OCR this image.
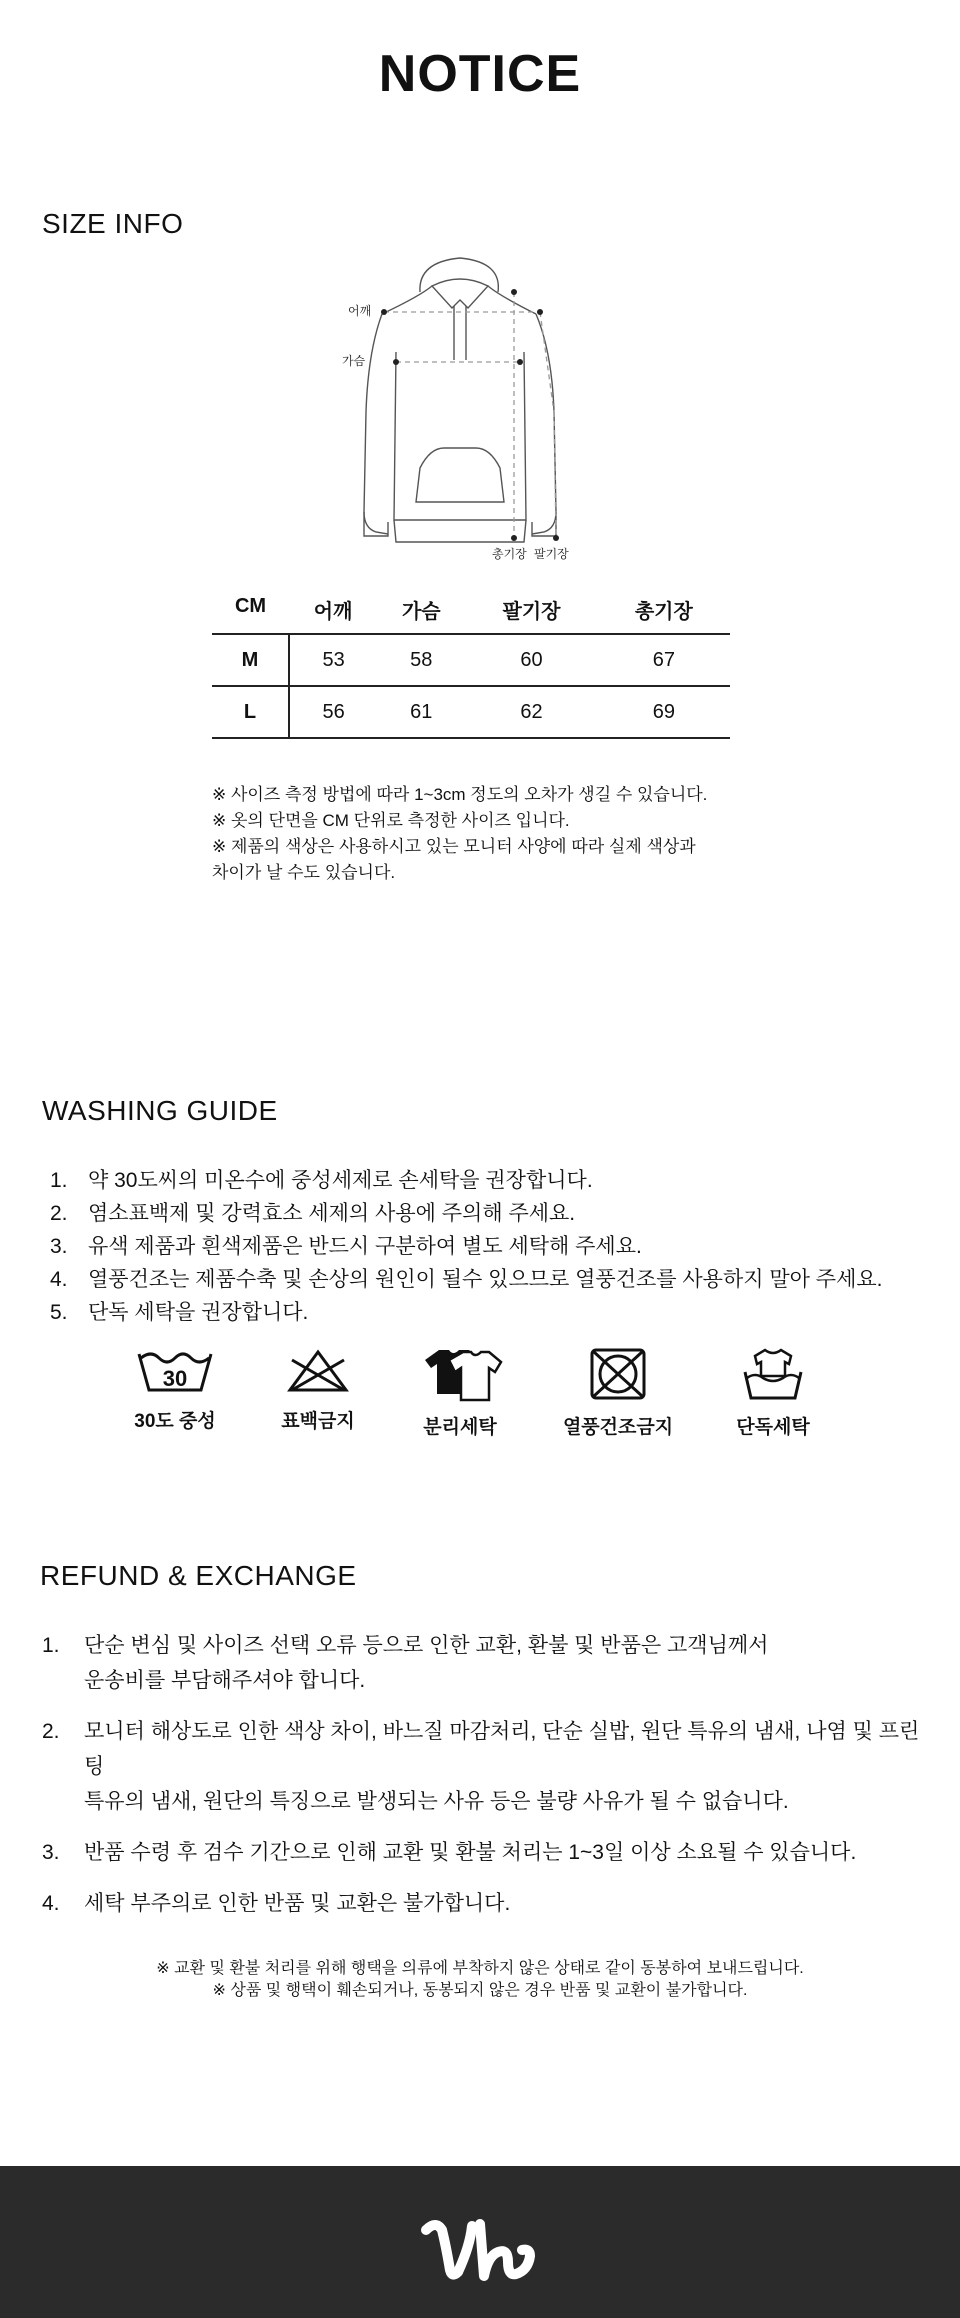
NOTICE
SIZE INFO
어깨
가슴
총기장 팔기장
CM	어깨	가슴	팔기장	총기장
M	53	58	60	67
L	56	61	62	69
※ 사이즈 측정 방법에 따라 1~3cm 정도의 오차가 생길 수 있습니다.
※ 옷의 단면을 CM 단위로 측정한 사이즈 입니다.
※ 제품의 색상은 사용하시고 있는 모니터 사양에 따라 실제 색상과
차이가 날 수도 있습니다.
WASHING GUIDE
1. 약 30도씨의 미온수에 중성세제로 손세탁을 권장합니다.
2. 염소표백제 및 강력효소 세제의 사용에 주의해 주세요.
3. 유색 제품과 흰색제품은 반드시 구분하여 별도 세탁해 주세요.
4. 열풍건조는 제품수축 및 손상의 원인이 될수 있으므로 열풍건조를 사용하지 말아 주세요.
5. 단독 세탁을 권장합니다.
30
30도 중성	표백금지	분리세탁	열풍건조금지	단독세탁
REFUND & EXCHANGE
1.	단순 변심 및 사이즈 선택 오류 등으로 인한 교환, 환불 및 반품은 고객님께서
운송비를 부담해주셔야 합니다.
2.	모니터 해상도로 인한 색상 차이, 바느질 마감처리, 단순 실밥, 원단 특유의 냄새, 나염 및 프린팅
특유의 냄새, 원단의 특징으로 발생되는 사유 등은 불량 사유가 될 수 없습니다.
3.	반품 수령 후 검수 기간으로 인해 교환 및 환불 처리는 1~3일 이상 소요될 수 있습니다.
4.	세탁 부주의로 인한 반품 및 교환은 불가합니다.
※ 교환 및 환불 처리를 위해 행택을 의류에 부착하지 않은 상태로 같이 동봉하여 보내드립니다.
※ 상품 및 행택이 훼손되거나, 동봉되지 않은 경우 반품 및 교환이 불가합니다.
